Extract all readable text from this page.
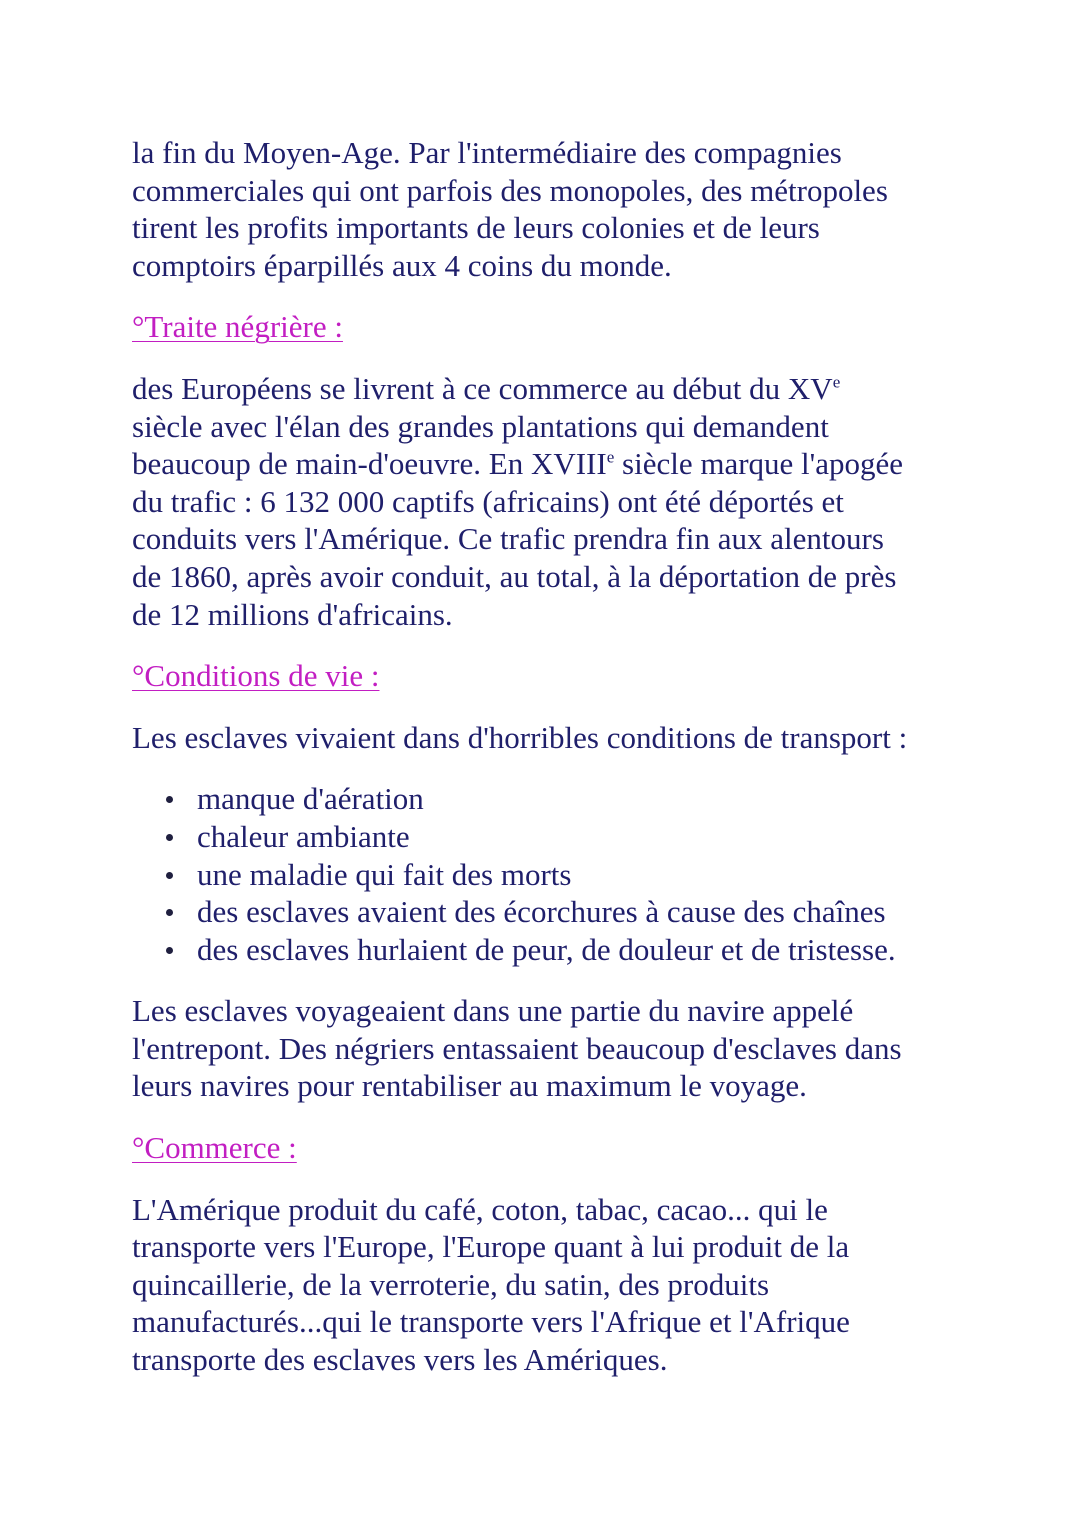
la fin du Moyen-Age. Par l'intermédiaire des compagnies
commerciales qui ont parfois des monopoles, des métropoles
tirent les profits importants de leurs colonies et de leurs
comptoirs éparpillés aux 4 coins du monde.

°Traite négrière :

des Européens se livrent à ce commerce au début du XVe
siècle avec l'élan des grandes plantations qui demandent
beaucoup de main-d'oeuvre. En XVIIIe siècle marque l'apogée
du trafic : 6 132 000 captifs (africains) ont été déportés et
conduits vers l'Amérique. Ce trafic prendra fin aux alentours
de 1860, après avoir conduit, au total, à la déportation de près
de 12 millions d'africains.

°Conditions de vie :

Les esclaves vivaient dans d'horribles conditions de transport :

manque d'aération
chaleur ambiante
une maladie qui fait des morts
des esclaves avaient des écorchures à cause des chaînes
des esclaves hurlaient de peur, de douleur et de tristesse.

Les esclaves voyageaient dans une partie du navire appelé
l'entrepont. Des négriers entassaient beaucoup d'esclaves dans
leurs navires pour rentabiliser au maximum le voyage.

°Commerce :

L'Amérique produit du café, coton, tabac, cacao... qui le
transporte vers l'Europe, l'Europe quant à lui produit de la
quincaillerie, de la verroterie, du satin, des produits
manufacturés...qui le transporte vers l'Afrique et l'Afrique
transporte des esclaves vers les Amériques.
